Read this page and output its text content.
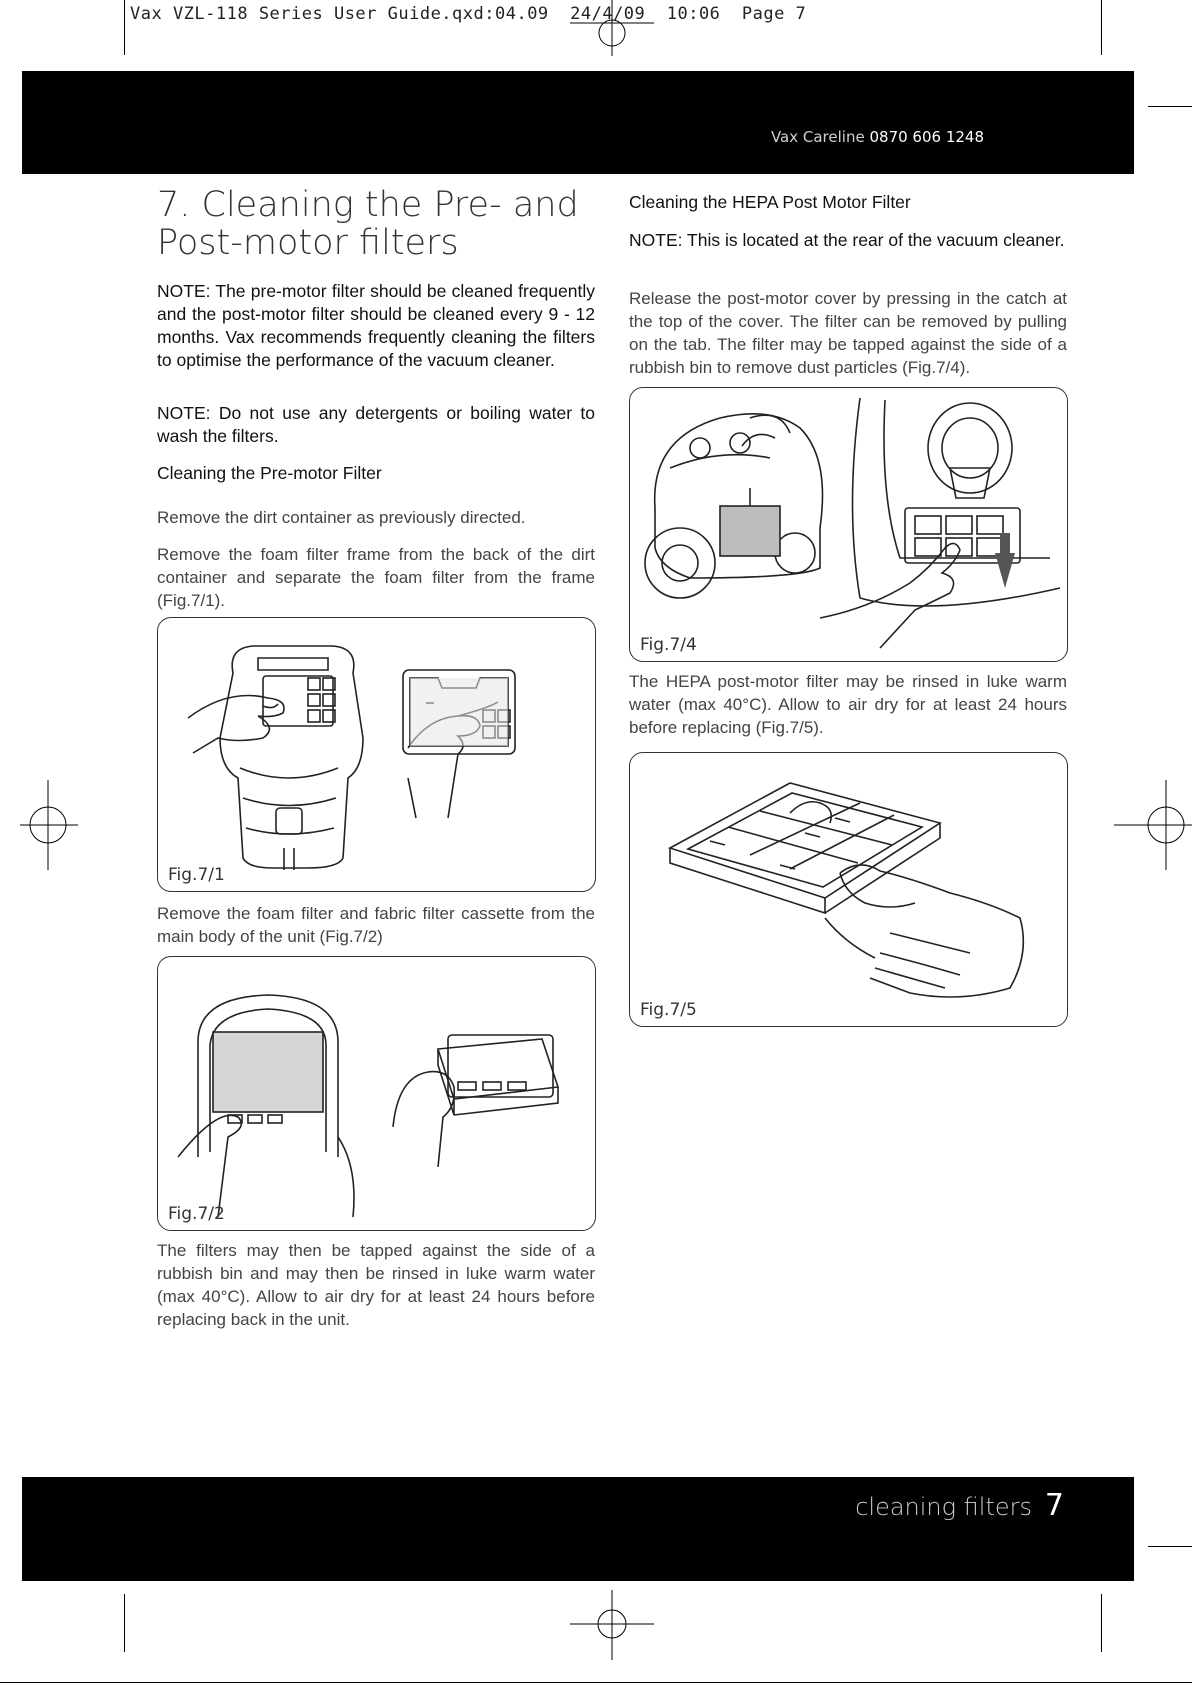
Vax VZL-118 Series User Guide.qxd:04.09  24/4/09  10:06  Page 7
Vax Careline 0870 606 1248
7. Cleaning the Pre- and
Post-motor filters

NOTE: The pre-motor filter should be cleaned frequently and the post-motor filter should be cleaned every 9 - 12 months. Vax recommends frequently cleaning the filters to optimise the performance of the vacuum cleaner.

NOTE: Do not use any detergents or boiling water to wash the filters.

Cleaning the Pre-motor Filter

Remove the dirt container as previously directed.

Remove the foam filter frame from the back of the dirt container and separate the foam filter from the frame (Fig.7/1).

Fig.7/1

Remove the foam filter and fabric filter cassette from the main body of the unit (Fig.7/2)

Fig.7/2

The filters may then be tapped against the side of a rubbish bin and may then be rinsed in luke warm water (max 40°C). Allow to air dry for at least 24 hours before replacing back in the unit.

Cleaning the HEPA Post Motor Filter

NOTE: This is located at the rear of the vacuum cleaner.

Release the post-motor cover by pressing in the catch at the top of the cover. The filter can be removed by pulling on the tab. The filter may be tapped against the side of a rubbish bin to remove dust particles (Fig.7/4).

Fig.7/4

The HEPA post-motor filter may be rinsed in luke warm water (max 40°C). Allow to air dry for at least 24 hours before replacing (Fig.7/5).

Fig.7/5
cleaning filters 7
